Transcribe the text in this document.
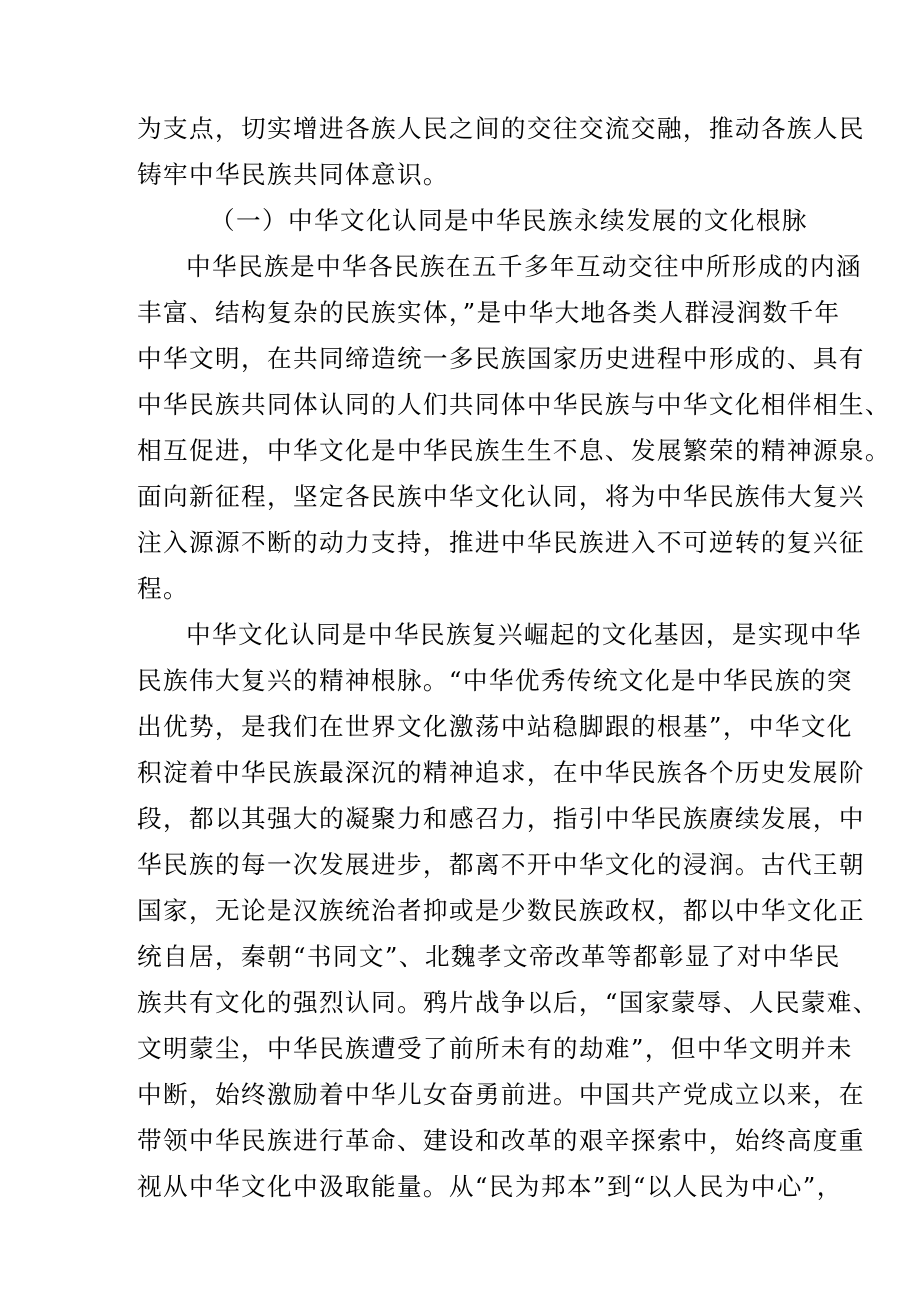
为支点，切实增进各族人民之间的交往交流交融，推动各族人民
铸牢中华民族共同体意识。
（一）中华文化认同是中华民族永续发展的文化根脉
中华民族是中华各民族在五千多年互动交往中所形成的内涵
丰富、结构复杂的民族实体，”是中华大地各类人群浸润数千年
中华文明，在共同缔造统一多民族国家历史进程中形成的、具有
中华民族共同体认同的人们共同体中华民族与中华文化相伴相生、
相互促进，中华文化是中华民族生生不息、发展繁荣的精神源泉。
面向新征程，坚定各民族中华文化认同，将为中华民族伟大复兴
注入源源不断的动力支持，推进中华民族进入不可逆转的复兴征
程。
中华文化认同是中华民族复兴崛起的文化基因，是实现中华
民族伟大复兴的精神根脉。“中华优秀传统文化是中华民族的突
出优势，是我们在世界文化激荡中站稳脚跟的根基”，中华文化
积淀着中华民族最深沉的精神追求，在中华民族各个历史发展阶
段，都以其强大的凝聚力和感召力，指引中华民族赓续发展，中
华民族的每一次发展进步，都离不开中华文化的浸润。古代王朝
国家，无论是汉族统治者抑或是少数民族政权，都以中华文化正
统自居，秦朝“书同文”、北魏孝文帝改革等都彰显了对中华民
族共有文化的强烈认同。鸦片战争以后，“国家蒙辱、人民蒙难、
文明蒙尘，中华民族遭受了前所未有的劫难”，但中华文明并未
中断，始终激励着中华儿女奋勇前进。中国共产党成立以来，在
带领中华民族进行革命、建设和改革的艰辛探索中，始终高度重
视从中华文化中汲取能量。从“民为邦本”到“以人民为中心”，
